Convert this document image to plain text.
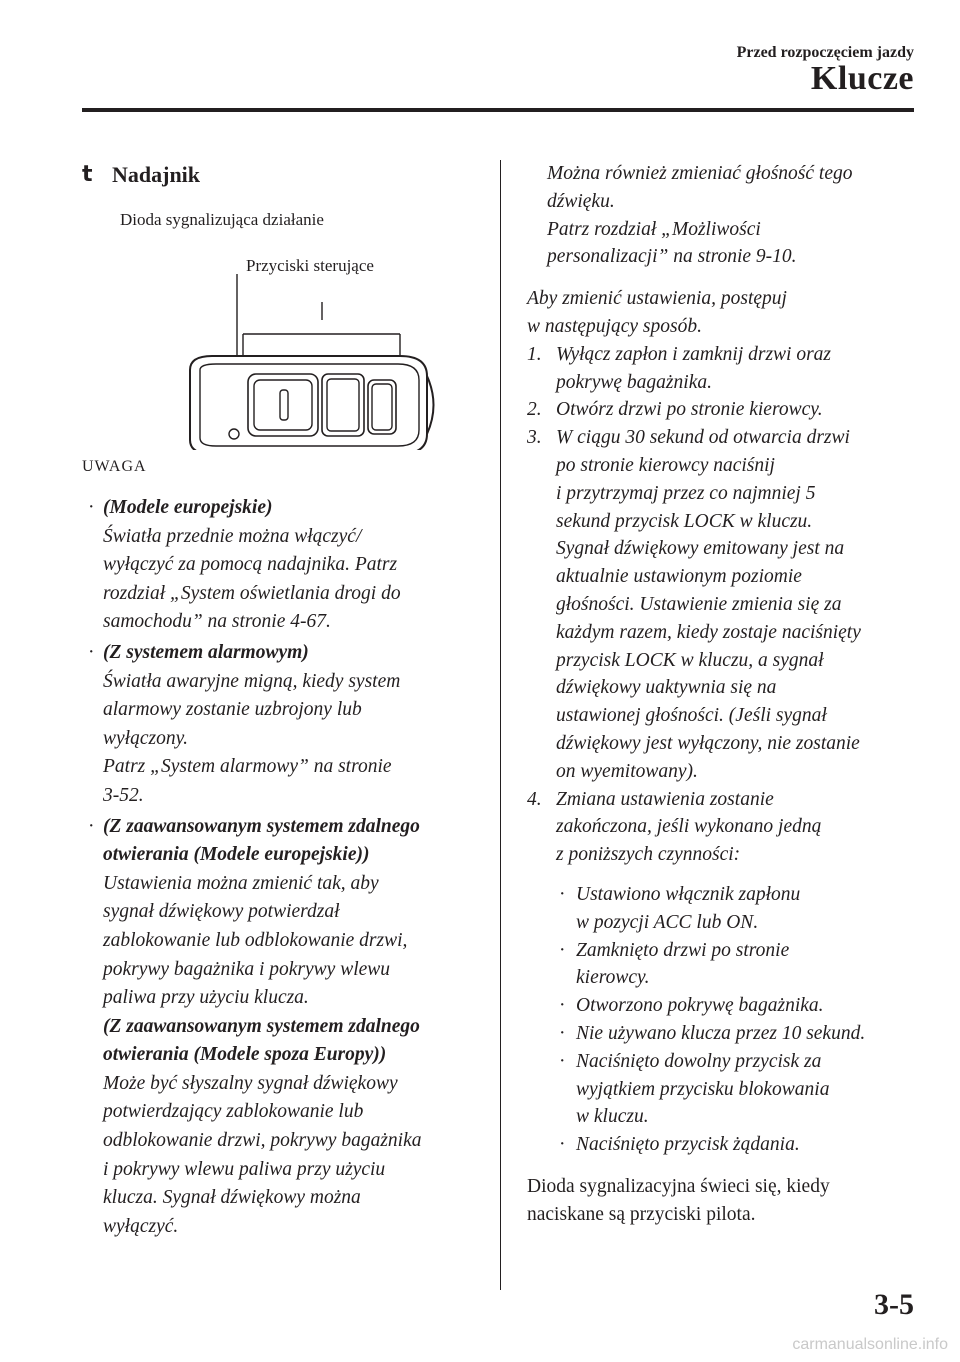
Przed rozpoczęciem jazdy
Klucze
t Nadajnik
Dioda sygnalizująca działanie
Przyciski sterujące
UWAGA
· (Modele europejskie)
Światła przednie można włączyć/
wyłączyć za pomocą nadajnika. Patrz
rozdział „System oświetlania drogi do
samochodu” na stronie 4-67.
· (Z systemem alarmowym)
Światła awaryjne migną, kiedy system
alarmowy zostanie uzbrojony lub
wyłączony.
Patrz „System alarmowy” na stronie
3-52.
· (Z zaawansowanym systemem zdalnego
otwierania (Modele europejskie))
Ustawienia można zmienić tak, aby
sygnał dźwiękowy potwierdzał
zablokowanie lub odblokowanie drzwi,
pokrywy bagażnika i pokrywy wlewu
paliwa przy użyciu klucza.
(Z zaawansowanym systemem zdalnego
otwierania (Modele spoza Europy))
Może być słyszalny sygnał dźwiękowy
potwierdzający zablokowanie lub
odblokowanie drzwi, pokrywy bagażnika
i pokrywy wlewu paliwa przy użyciu
klucza. Sygnał dźwiękowy można
wyłączyć.
Można również zmieniać głośność tego
dźwięku.
Patrz rozdział „Możliwości
personalizacji” na stronie 9-10.
Aby zmienić ustawienia, postępuj
w następujący sposób.
1. Wyłącz zapłon i zamknij drzwi oraz
pokrywę bagażnika.
2. Otwórz drzwi po stronie kierowcy.
3. W ciągu 30 sekund od otwarcia drzwi
po stronie kierowcy naciśnij
i przytrzymaj przez co najmniej 5
sekund przycisk LOCK w kluczu.
Sygnał dźwiękowy emitowany jest na
aktualnie ustawionym poziomie
głośności. Ustawienie zmienia się za
każdym razem, kiedy zostaje naciśnięty
przycisk LOCK w kluczu, a sygnał
dźwiękowy uaktywnia się na
ustawionej głośności. (Jeśli sygnał
dźwiękowy jest wyłączony, nie zostanie
on wyemitowany).
4. Zmiana ustawienia zostanie
zakończona, jeśli wykonano jedną
z poniższych czynności:
· Ustawiono włącznik zapłonu
w pozycji ACC lub ON.
· Zamknięto drzwi po stronie
kierowcy.
· Otworzono pokrywę bagażnika.
· Nie używano klucza przez 10 sekund.
· Naciśnięto dowolny przycisk za
wyjątkiem przycisku blokowania
w kluczu.
· Naciśnięto przycisk żądania.
Dioda sygnalizacyjna świeci się, kiedy
naciskane są przyciski pilota.
3-5
carmanualsonline.info
